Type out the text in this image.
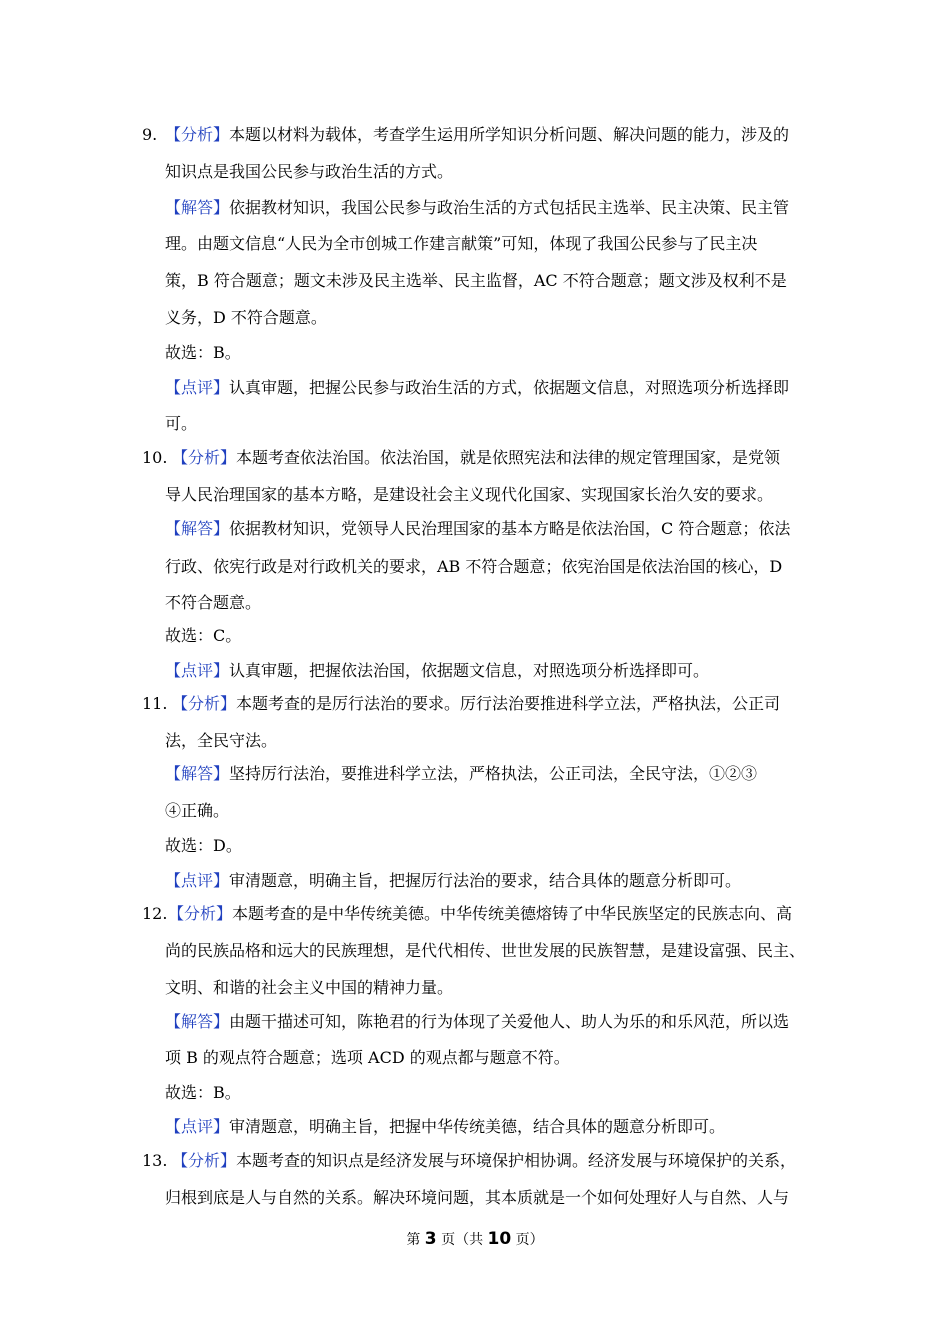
9. 【分析】本题以材料为载体，考查学生运用所学知识分析问题、解决问题的能力，涉及的
知识点是我国公民参与政治生活的方式。
【解答】依据教材知识，我国公民参与政治生活的方式包括民主选举、民主决策、民主管
理。由题文信息“人民为全市创城工作建言献策”可知，体现了我国公民参与了民主决
策，B 符合题意；题文未涉及民主选举、民主监督，AC 不符合题意；题文涉及权利不是
义务，D 不符合题意。
故选：B。
【点评】认真审题，把握公民参与政治生活的方式，依据题文信息，对照选项分析选择即
可。
10. 【分析】本题考查依法治国。依法治国，就是依照宪法和法律的规定管理国家，是党领
导人民治理国家的基本方略，是建设社会主义现代化国家、实现国家长治久安的要求。
【解答】依据教材知识，党领导人民治理国家的基本方略是依法治国，C 符合题意；依法
行政、依宪行政是对行政机关的要求，AB 不符合题意；依宪治国是依法治国的核心，D
不符合题意。
故选：C。
【点评】认真审题，把握依法治国，依据题文信息，对照选项分析选择即可。
11. 【分析】本题考查的是厉行法治的要求。厉行法治要推进科学立法，严格执法，公正司
法，全民守法。
【解答】坚持厉行法治，要推进科学立法，严格执法，公正司法，全民守法，①②③
④正确。
故选：D。
【点评】审清题意，明确主旨，把握厉行法治的要求，结合具体的题意分析即可。
12. 【分析】本题考查的是中华传统美德。中华传统美德熔铸了中华民族坚定的民族志向、高
尚的民族品格和远大的民族理想，是代代相传、世世发展的民族智慧，是建设富强、民主、
文明、和谐的社会主义中国的精神力量。
【解答】由题干描述可知，陈艳君的行为体现了关爱他人、助人为乐的和乐风范，所以选
项 B 的观点符合题意；选项 ACD 的观点都与题意不符。
故选：B。
【点评】审清题意，明确主旨，把握中华传统美德，结合具体的题意分析即可。
13. 【分析】本题考查的知识点是经济发展与环境保护相协调。经济发展与环境保护的关系，
归根到底是人与自然的关系。解决环境问题，其本质就是一个如何处理好人与自然、人与
第 3 页（共 10 页）
